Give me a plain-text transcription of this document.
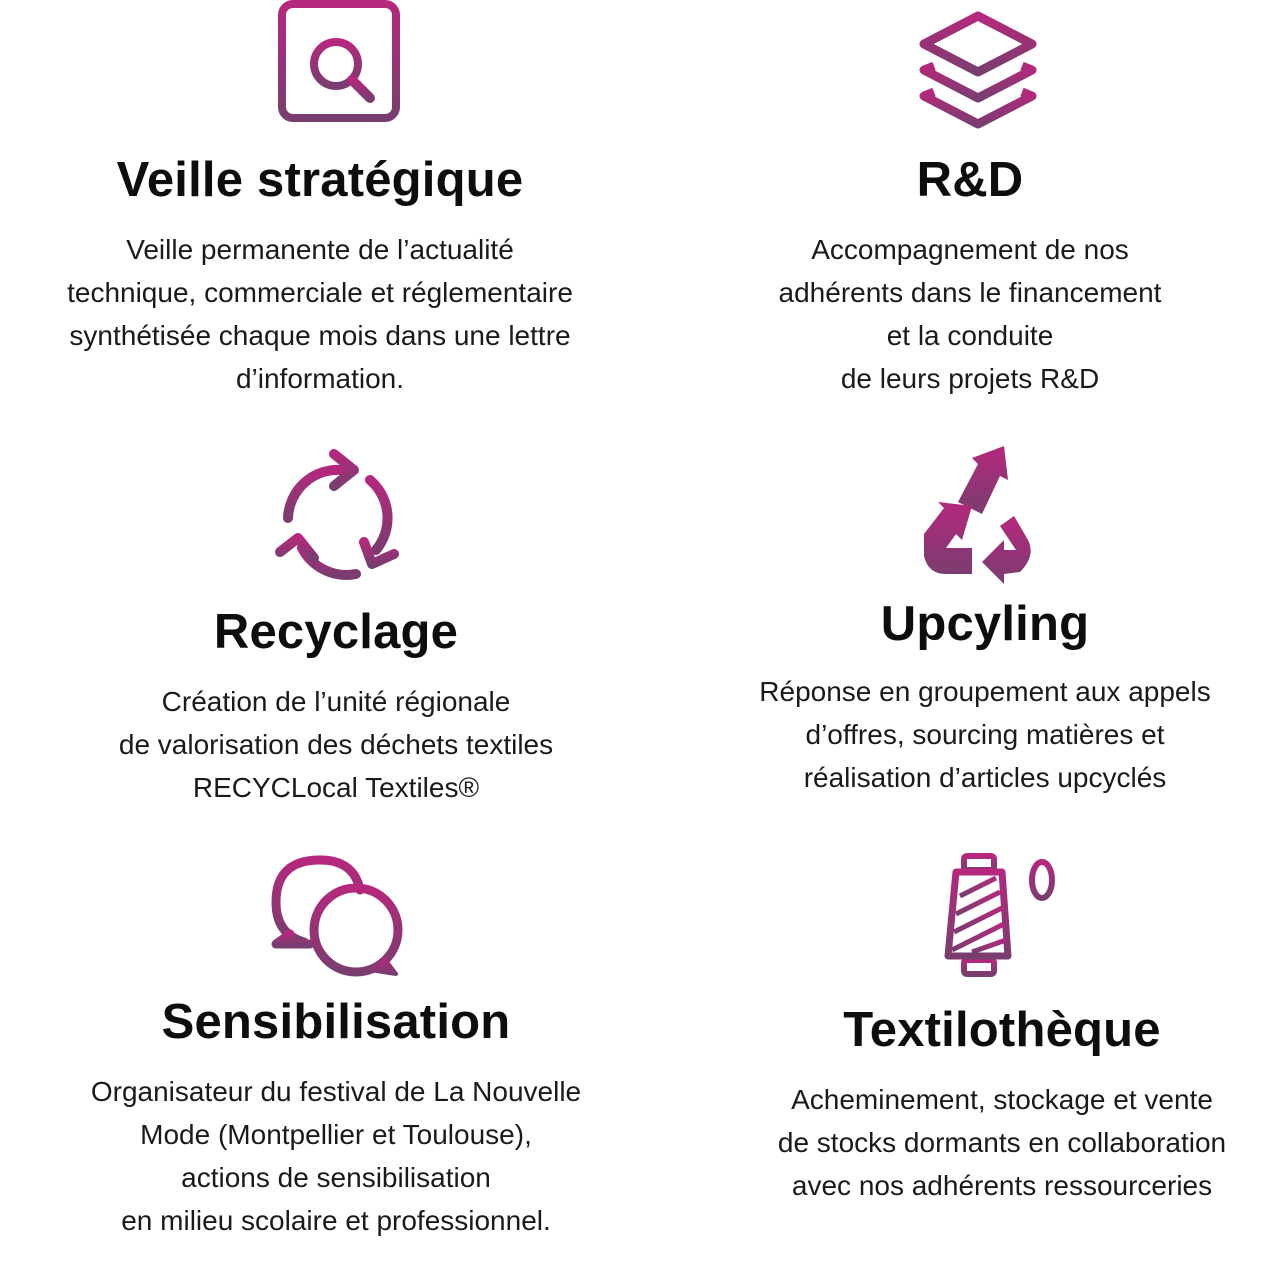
Veille stratégique

Veille permanente de l’actualité
technique, commerciale et réglementaire
synthétisée chaque mois dans une lettre
d’information.

R&D

Accompagnement de nos
adhérents dans le financement
et la conduite
de leurs projets R&D

Recyclage

Création de l’unité régionale
de valorisation des déchets textiles
RECYCLocal Textiles®

Upcyling

Réponse en groupement aux appels
d’offres, sourcing matières et
réalisation d’articles upcyclés

Sensibilisation

Organisateur du festival de La Nouvelle
Mode (Montpellier et Toulouse),
actions de sensibilisation
en milieu scolaire et professionnel.

Textilothèque

Acheminement, stockage et vente
de stocks dormants en collaboration
avec nos adhérents ressourceries
